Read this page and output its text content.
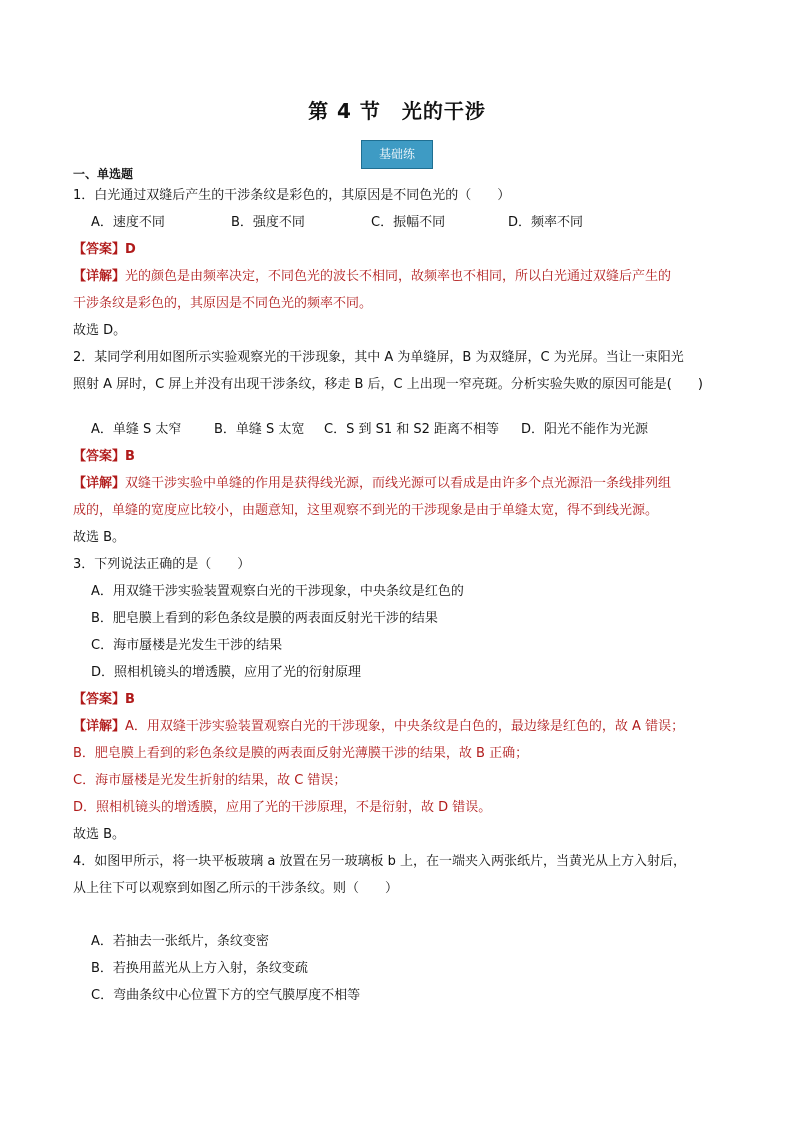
第 4 节　光的干涉
基础练
一、单选题
1．白光通过双缝后产生的干涉条纹是彩色的，其原因是不同色光的（　　）
A．速度不同	B．强度不同	C．振幅不同	D．频率不同
【答案】D
【详解】光的颜色是由频率决定，不同色光的波长不相同，故频率也不相同，所以白光通过双缝后产生的
干涉条纹是彩色的，其原因是不同色光的频率不同。
故选 D。
2．某同学利用如图所示实验观察光的干涉现象，其中 A 为单缝屏，B 为双缝屏，C 为光屏。当让一束阳光
照射 A 屏时，C 屏上并没有出现干涉条纹，移走 B 后，C 上出现一窄亮斑。分析实验失败的原因可能是(　　)
A．单缝 S 太窄	B．单缝 S 太宽	C．S 到 S1 和 S2 距离不相等	D．阳光不能作为光源
【答案】B
【详解】双缝干涉实验中单缝的作用是获得线光源，而线光源可以看成是由许多个点光源沿一条线排列组
成的，单缝的宽度应比较小，由题意知，这里观察不到光的干涉现象是由于单缝太宽，得不到线光源。
故选 B。
3．下列说法正确的是（　　）
A．用双缝干涉实验装置观察白光的干涉现象，中央条纹是红色的
B．肥皂膜上看到的彩色条纹是膜的两表面反射光干涉的结果
C．海市蜃楼是光发生干涉的结果
D．照相机镜头的增透膜，应用了光的衍射原理
【答案】B
【详解】A．用双缝干涉实验装置观察白光的干涉现象，中央条纹是白色的，最边缘是红色的，故 A 错误；
B．肥皂膜上看到的彩色条纹是膜的两表面反射光薄膜干涉的结果，故 B 正确；
C．海市蜃楼是光发生折射的结果，故 C 错误；
D．照相机镜头的增透膜，应用了光的干涉原理，不是衍射，故 D 错误。
故选 B。
4．如图甲所示，将一块平板玻璃 a 放置在另一玻璃板 b 上，在一端夹入两张纸片，当黄光从上方入射后，
从上往下可以观察到如图乙所示的干涉条纹。则（　　）
A．若抽去一张纸片，条纹变密
B．若换用蓝光从上方入射，条纹变疏
C．弯曲条纹中心位置下方的空气膜厚度不相等
